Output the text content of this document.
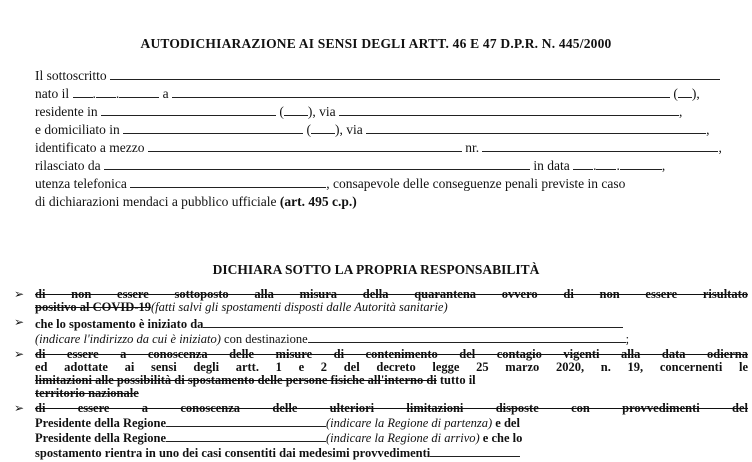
AUTODICHIARAZIONE AI SENSI DEGLI ARTT. 46 E 47 D.P.R. N. 445/2000
Il sottoscritto
nato il . .	a	( ),
residente in	( ), via	,
e domiciliato in	( ), via	,
identificato a mezzo	nr.	,
rilasciato da	in data . .	,
utenza telefonica	, consapevole delle conseguenze penali previste in caso
di dichiarazioni mendaci a pubblico ufficiale (art. 495 c.p.)
DICHIARA SOTTO LA PROPRIA RESPONSABILITÀ
➢ di non essere sottoposto alla misura della quarantena ovvero di non essere risultato
positivo al COVID-19(fatti salvi gli spostamenti disposti dalle Autorità sanitarie)
➢ che lo spostamento è iniziato da
(indicare l'indirizzo da cui è iniziato) con destinazione	;
➢ di essere a conoscenza delle misure di contenimento del contagio vigenti alla data odierna
ed adottate ai sensi degli artt. 1 e 2 del decreto legge 25 marzo 2020, n. 19, concernenti le
limitazioni alle possibilità di spostamento delle persone fisiche all'interno di tutto il
territorio nazionale
➢ di essere a conoscenza delle ulteriori limitazioni disposte con provvedimenti del
Presidente della Regione	(indicare la Regione di partenza) e del
Presidente della Regione	(indicare la Regione di arrivo) e che lo
spostamento rientra in uno dei casi consentiti dai medesimi provvedimenti
